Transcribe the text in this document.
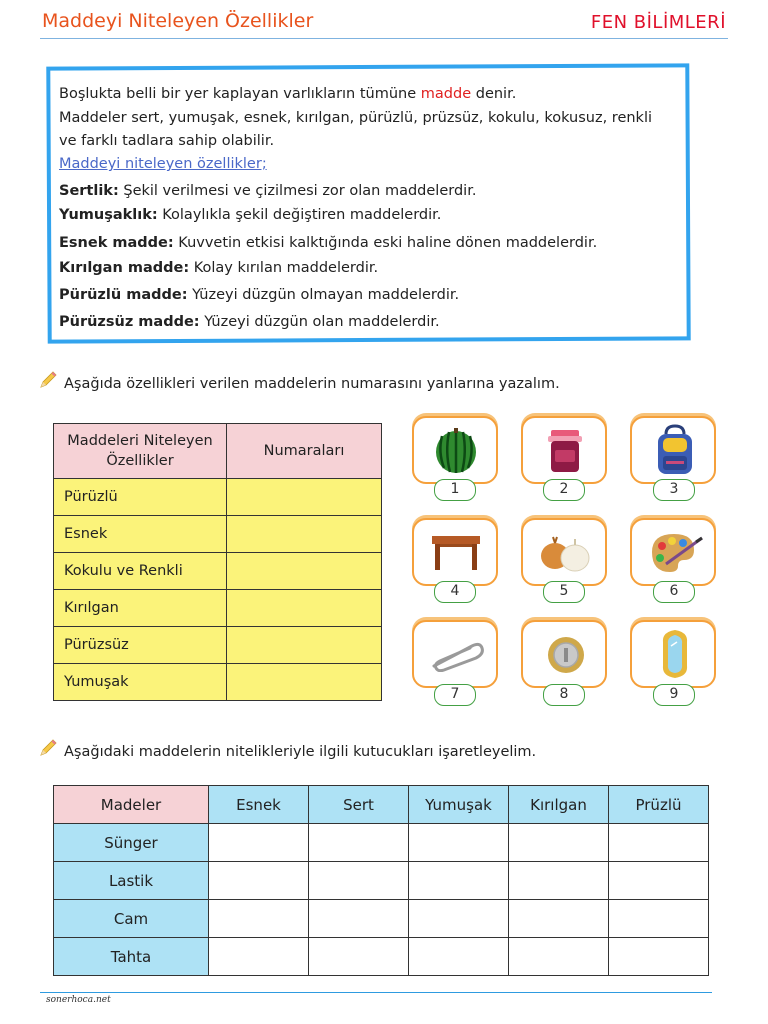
Maddeyi Niteleyen Özellikler	FEN BİLİMLERİ
Boşlukta belli bir yer kaplayan varlıkların tümüne madde denir.
Maddeler sert, yumuşak, esnek, kırılgan, pürüzlü, prüzsüz, kokulu, kokusuz, renkli
ve farklı tadlara sahip olabilir.
Maddeyi niteleyen özellikler;
Sertlik: Şekil verilmesi ve çizilmesi zor olan maddelerdir.
Yumuşaklık: Kolaylıkla şekil değiştiren maddelerdir.
Esnek madde: Kuvvetin etkisi kalktığında eski haline dönen maddelerdir.
Kırılgan madde: Kolay kırılan maddelerdir.
Pürüzlü madde: Yüzeyi düzgün olmayan maddelerdir.
Pürüzsüz madde: Yüzeyi düzgün olan maddelerdir.
Aşağıda özellikleri verilen maddelerin numarasını yanlarına yazalım.
Maddeleri Niteleyen Özellikler	Numaraları
Pürüzlü	
Esnek	
Kokulu ve Renkli	
Kırılgan	
Pürüzsüz	
Yumuşak	
1	2	3
4	5	6
7	8	9
Aşağıdaki maddelerin nitelikleriyle ilgili kutucukları işaretleyelim.
Madeler	Esnek	Sert	Yumuşak	Kırılgan	Prüzlü
Sünger					
Lastik					
Cam					
Tahta					
sonerhoca.net
